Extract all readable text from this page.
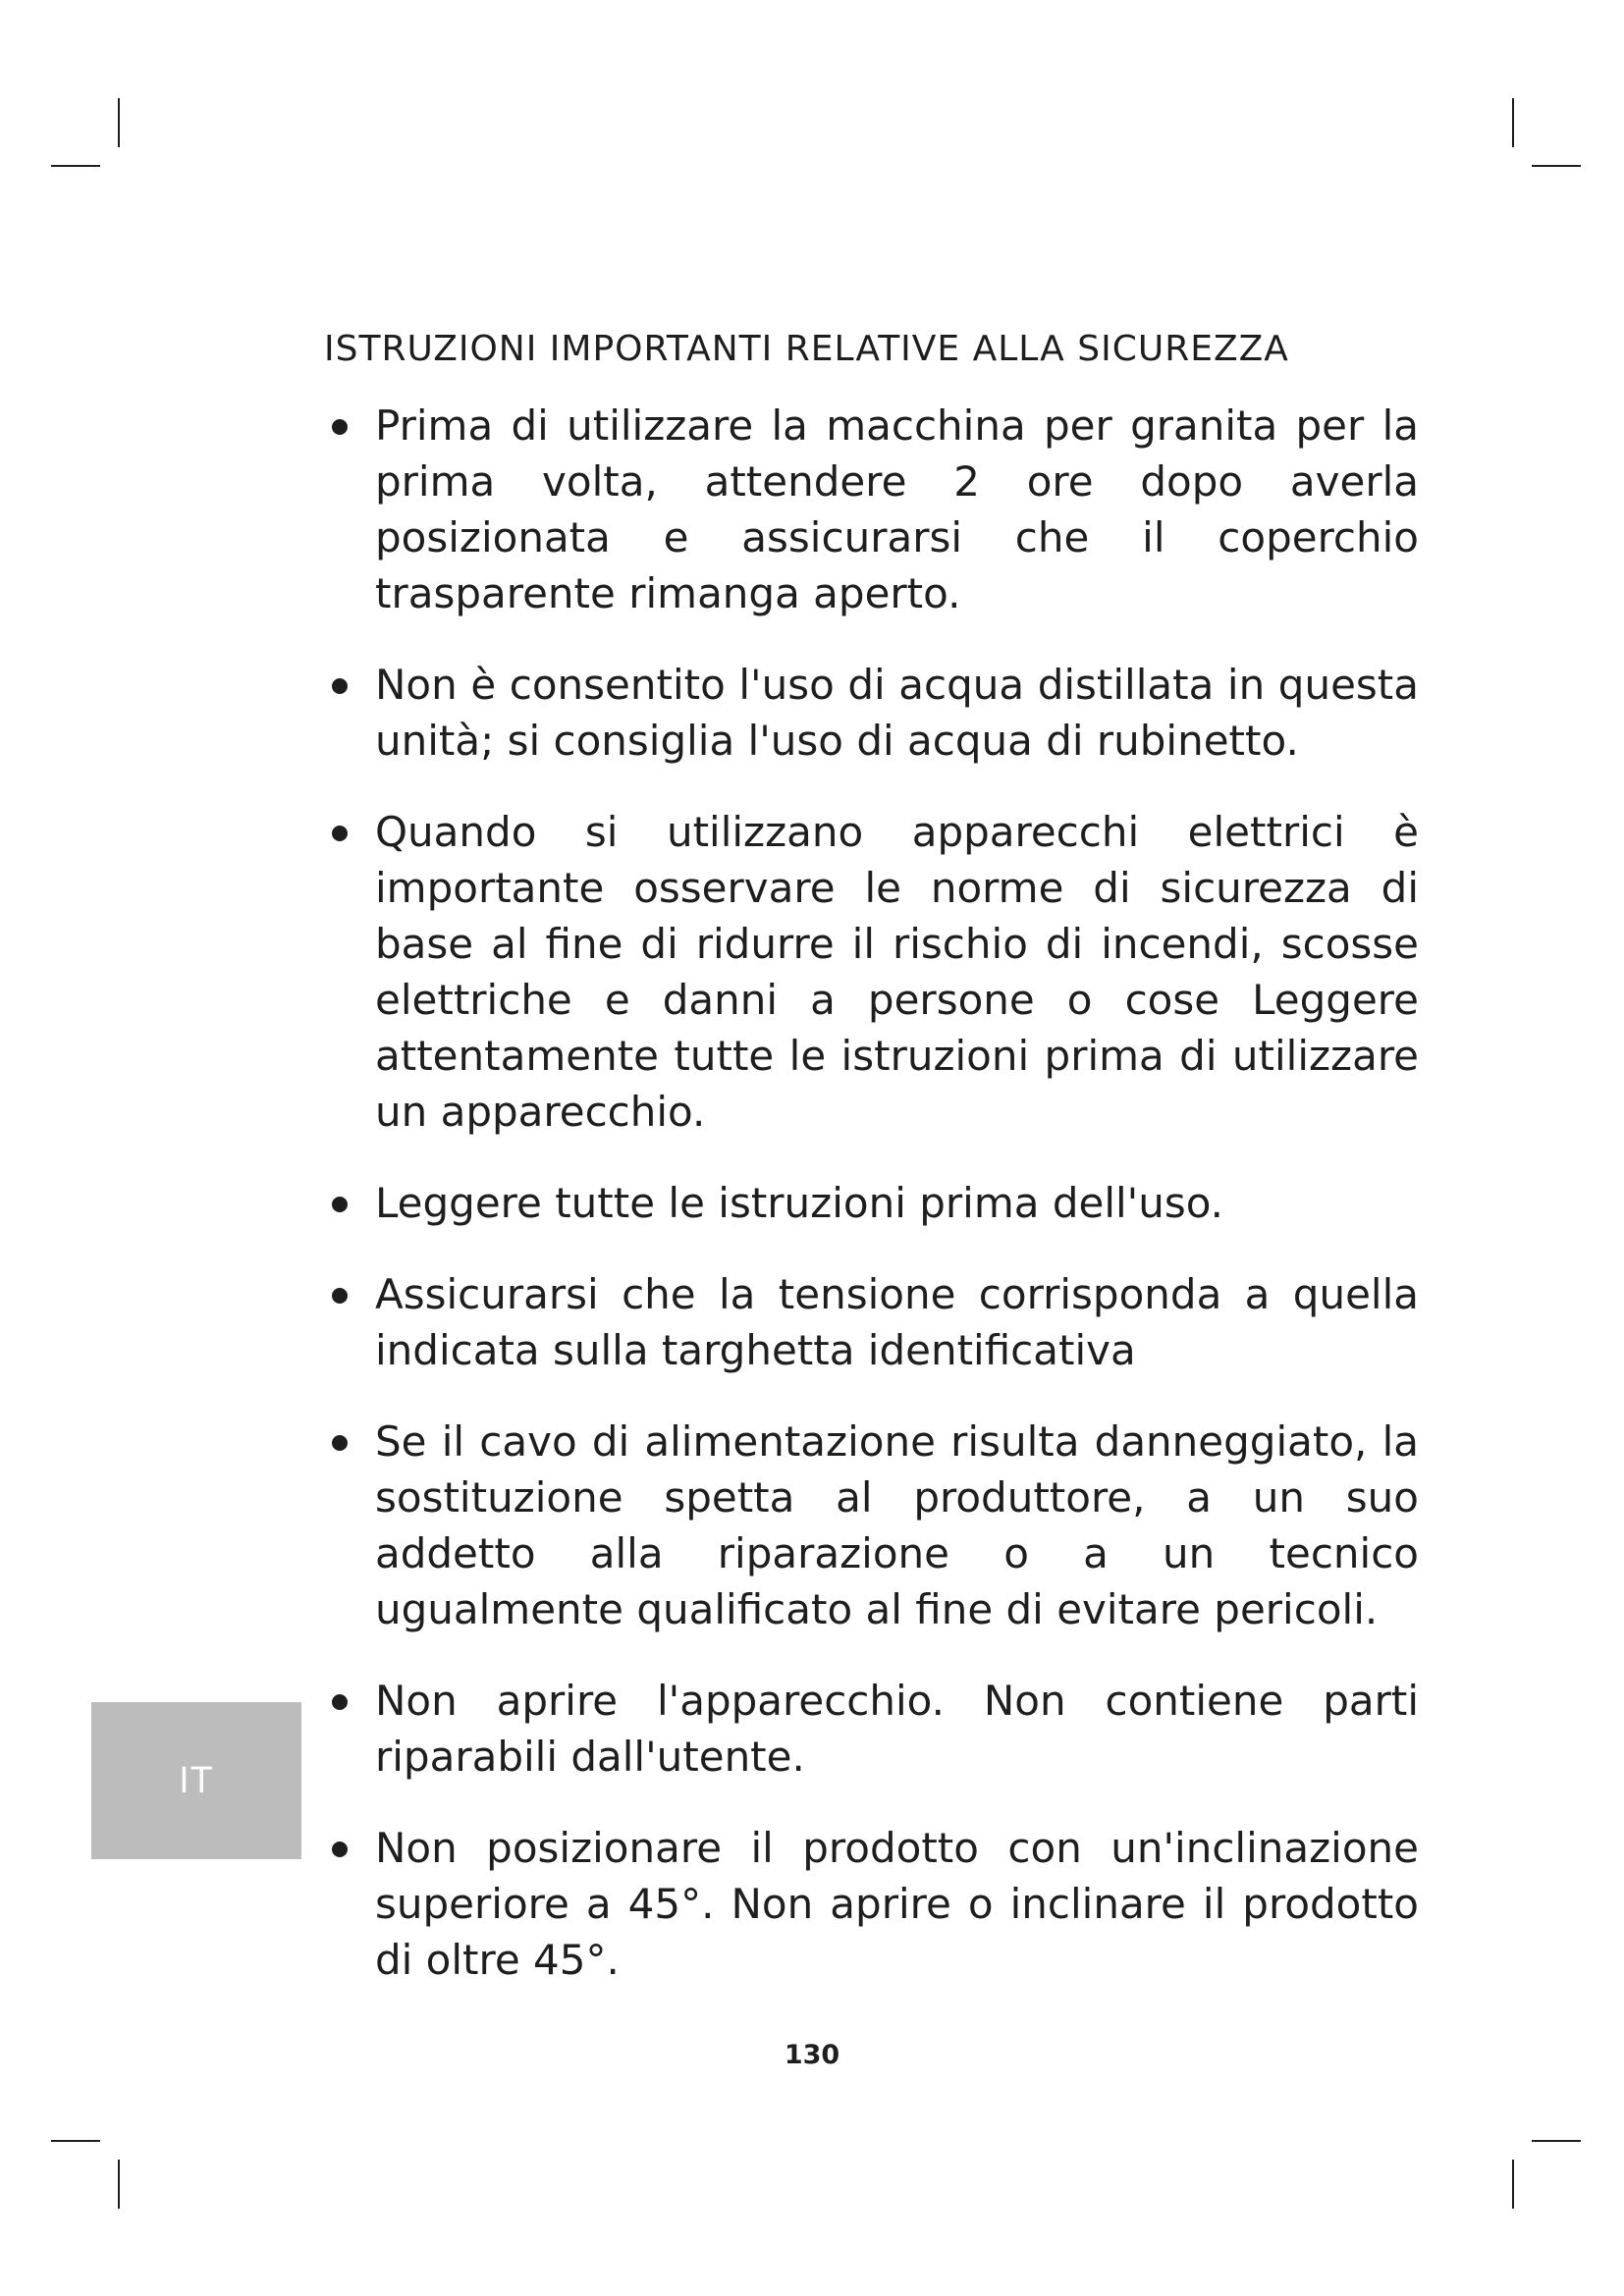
ISTRUZIONI IMPORTANTI RELATIVE ALLA SICUREZZA
Prima di utilizzare la macchina per granita per la prima volta, attendere 2 ore dopo averla posizionata e assicurarsi che il coperchio trasparente rimanga aperto.
Non è consentito l'uso di acqua distillata in questa unità; si consiglia l'uso di acqua di rubinetto.
Quando si utilizzano apparecchi elettrici è importante osservare le norme di sicurezza di base al fine di ridurre il rischio di incendi, scosse elettriche e danni a persone o cose Leggere attentamente tutte le istruzioni prima di utilizzare un apparecchio.
Leggere tutte le istruzioni prima dell'uso.
Assicurarsi che la tensione corrisponda a quella indicata sulla targhetta identificativa
Se il cavo di alimentazione risulta danneggiato, la sostituzione spetta al produttore, a un suo addetto alla riparazione o a un tecnico ugualmente qualificato al fine di evitare pericoli.
Non aprire l'apparecchio. Non contiene parti riparabili dall'utente.
Non posizionare il prodotto con un'inclinazione superiore a 45°. Non aprire o inclinare il prodotto di oltre 45°.
IT
130
